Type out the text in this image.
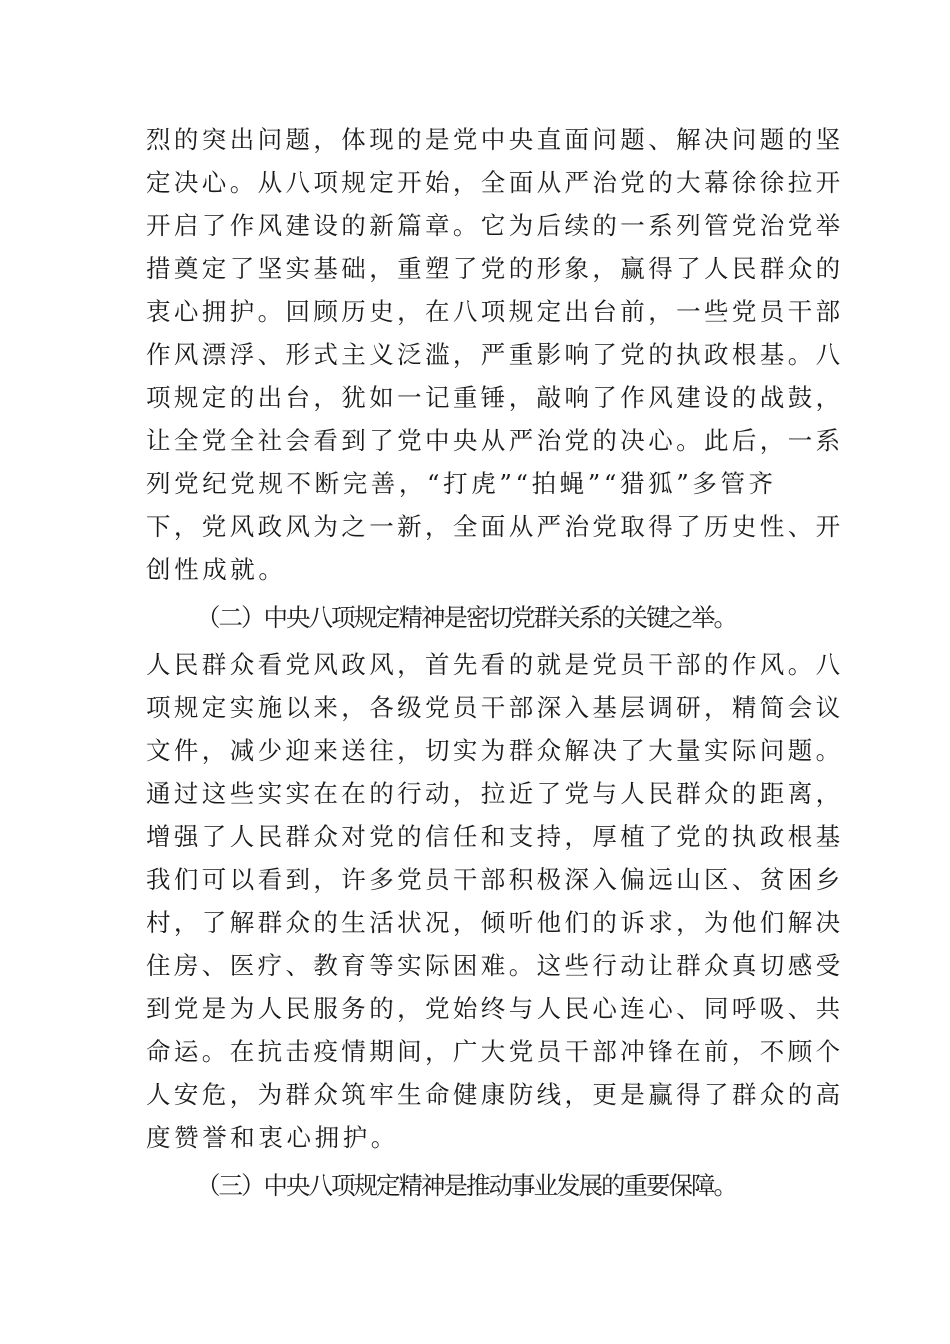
烈的突出问题，体现的是党中央直面问题、解决问题的坚
定决心。从八项规定开始，全面从严治党的大幕徐徐拉开
开启了作风建设的新篇章。它为后续的一系列管党治党举
措奠定了坚实基础，重塑了党的形象，赢得了人民群众的
衷心拥护。回顾历史，在八项规定出台前，一些党员干部
作风漂浮、形式主义泛滥，严重影响了党的执政根基。八
项规定的出台，犹如一记重锤，敲响了作风建设的战鼓，
让全党全社会看到了党中央从严治党的决心。此后，一系
列党纪党规不断完善，“打虎”“拍蝇”“猎狐”多管齐
下，党风政风为之一新，全面从严治党取得了历史性、开
创性成就。
（二）中央八项规定精神是密切党群关系的关键之举。
人民群众看党风政风，首先看的就是党员干部的作风。八
项规定实施以来，各级党员干部深入基层调研，精简会议
文件，减少迎来送往，切实为群众解决了大量实际问题。
通过这些实实在在的行动，拉近了党与人民群众的距离，
增强了人民群众对党的信任和支持，厚植了党的执政根基
我们可以看到，许多党员干部积极深入偏远山区、贫困乡
村，了解群众的生活状况，倾听他们的诉求，为他们解决
住房、医疗、教育等实际困难。这些行动让群众真切感受
到党是为人民服务的，党始终与人民心连心、同呼吸、共
命运。在抗击疫情期间，广大党员干部冲锋在前，不顾个
人安危，为群众筑牢生命健康防线，更是赢得了群众的高
度赞誉和衷心拥护。
（三）中央八项规定精神是推动事业发展的重要保障。
